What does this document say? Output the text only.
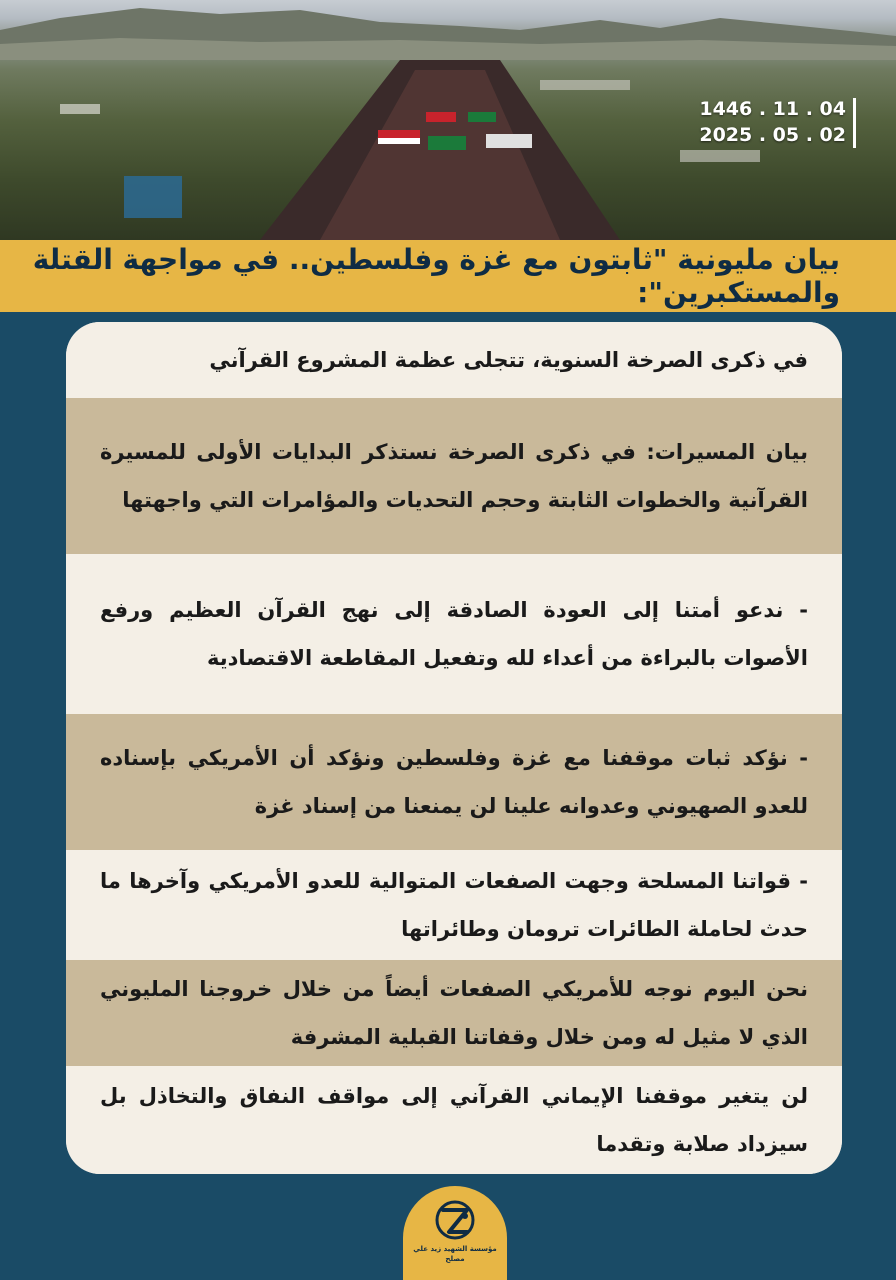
1446 . 11 . 04
2025 . 05 . 02
بيان مليونية "ثابتون مع غزة وفلسطين.. في مواجهة القتلة والمستكبرين":

في ذكرى الصرخة السنوية، تتجلى عظمة المشروع القرآني

بيان المسيرات: في ذكرى الصرخة نستذكر البدايات الأولى للمسيرة القرآنية والخطوات الثابتة وحجم التحديات والمؤامرات التي واجهتها

- ندعو أمتنا إلى العودة الصادقة إلى نهج القرآن العظيم ورفع الأصوات بالبراءة من أعداء لله وتفعيل المقاطعة الاقتصادية

- نؤكد ثبات موقفنا مع غزة وفلسطين ونؤكد أن الأمريكي بإسناده للعدو الصهيوني وعدوانه علينا لن يمنعنا من إسناد غزة

- قواتنا المسلحة وجهت الصفعات المتوالية للعدو الأمريكي وآخرها ما حدث لحاملة الطائرات ترومان وطائراتها

نحن اليوم نوجه للأمريكي الصفعات أيضاً من خلال خروجنا المليوني الذي لا مثيل له ومن خلال وقفاتنا القبلية المشرفة

لن يتغير موقفنا الإيماني القرآني إلى مواقف النفاق والتخاذل بل سيزداد صلابة وتقدما

مؤسسة الشهيد زيد علي مصلح
